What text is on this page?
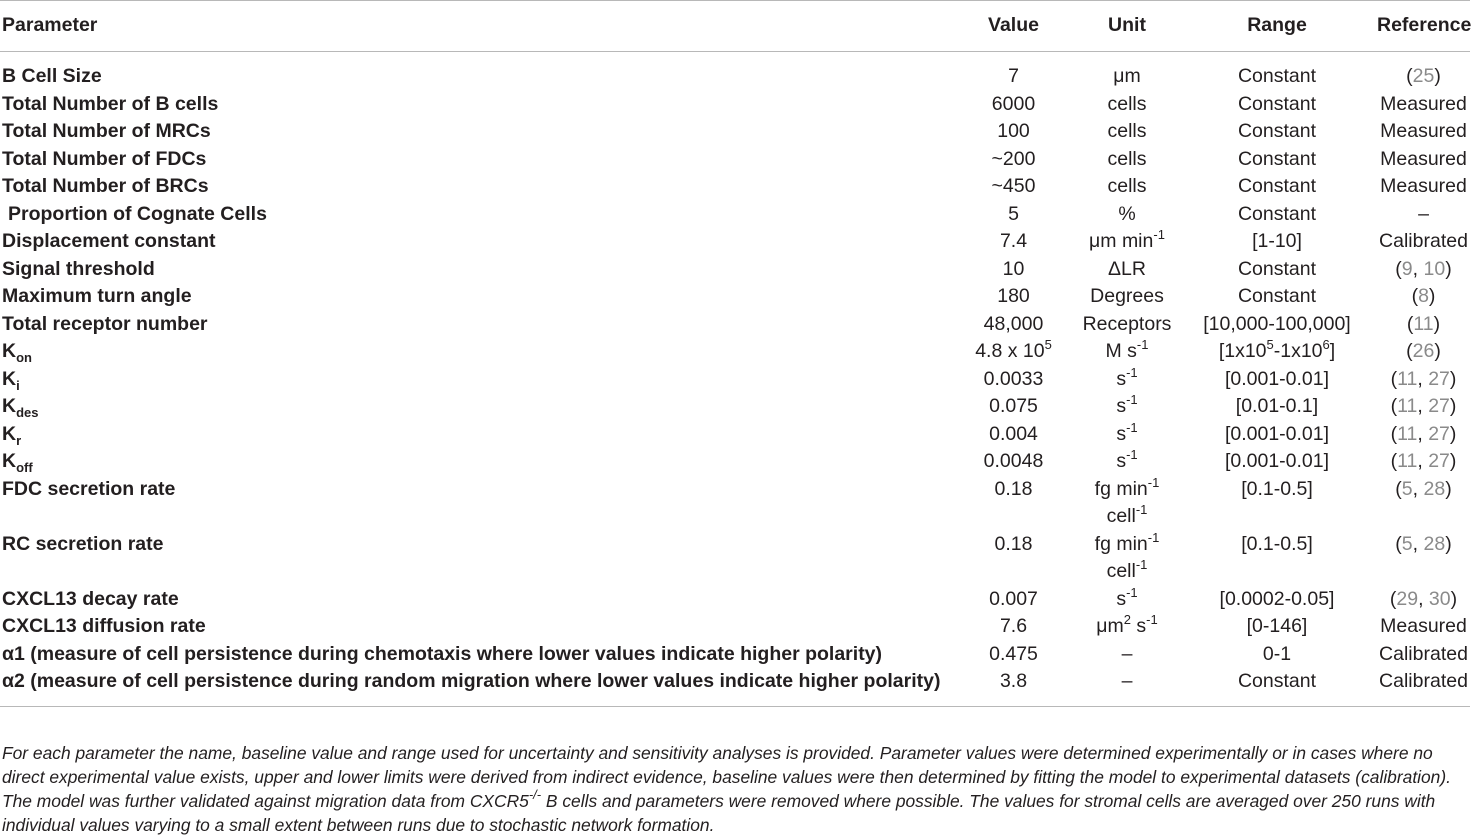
Parameter	Value	Unit	Range	Reference
B Cell Size	7	μm	Constant	(25)
Total Number of B cells	6000	cells	Constant	Measured
Total Number of MRCs	100	cells	Constant	Measured
Total Number of FDCs	~200	cells	Constant	Measured
Total Number of BRCs	~450	cells	Constant	Measured
Proportion of Cognate Cells	5	%	Constant	–
Displacement constant	7.4	μm $\min^{-1}$	[1-10]	Calibrated
Signal threshold	10	ΔLR	Constant	(9, 10)
Maximum turn angle	180	Degrees	Constant	(8)
Total receptor number	48,000	Receptors	[10,000-100,000]	(11)
$K_{on}$	4.8 x $10^5$	M $s^{-1}$	$[1x10^5-1x10^6]$	(26)
$K_i$	0.0033	$s^{-1}$	[0.001-0.01]	(11, 27)
$K_{des}$	0.075	$s^{-1}$	[0.01-0.1]	(11, 27)
$K_r$	0.004	$s^{-1}$	[0.001-0.01]	(11, 27)
$K_{off}$	0.0048	$s^{-1}$	[0.001-0.01]	(11, 27)
FDC secretion rate	0.18	fg $\min^{-1}$ cell$^{-1}$	[0.1-0.5]	(5, 28)
RC secretion rate	0.18	fg $\min^{-1}$ cell$^{-1}$	[0.1-0.5]	(5, 28)
CXCL13 decay rate	0.007	$s^{-1}$	[0.0002-0.05]	(29, 30)
CXCL13 diffusion rate	7.6	$\mu m^2$ $s^{-1}$	[0-146]	Measured
α1 (measure of cell persistence during chemotaxis where lower values indicate higher polarity)	0.475	–	0-1	Calibrated
α2 (measure of cell persistence during random migration where lower values indicate higher polarity)	3.8	–	Constant	Calibrated

For each parameter the name, baseline value and range used for uncertainty and sensitivity analyses is provided. Parameter values were determined experimentally or in cases where no direct experimental value exists, upper and lower limits were derived from indirect evidence, baseline values were then determined by fitting the model to experimental datasets (calibration). The model was further validated against migration data from CXCR5-/- B cells and parameters were removed where possible. The values for stromal cells are averaged over 250 runs with individual values varying to a small extent between runs due to stochastic network formation.
